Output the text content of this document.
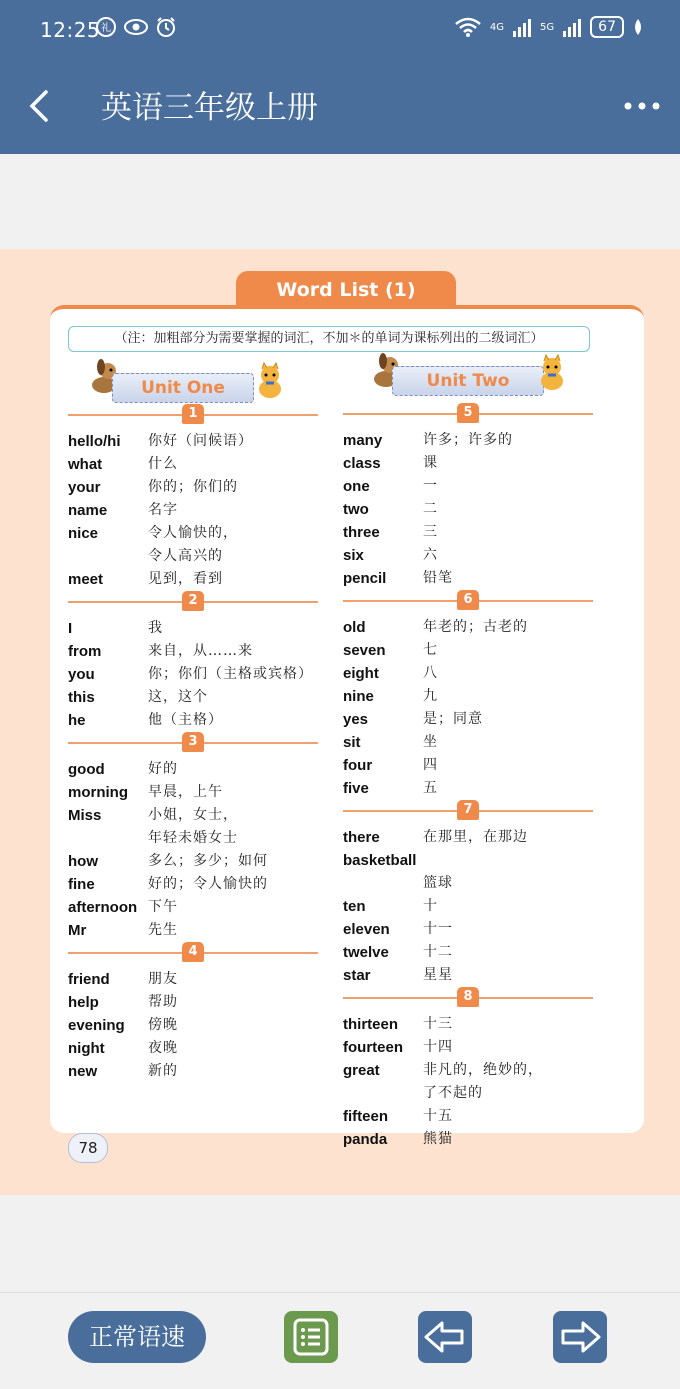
12:25 礼	4G	5G	67
英语三年级上册
Word List (1)
（注：加粗部分为需要掌握的词汇，不加＊的单词为课标列出的二级词汇）
Unit One	Unit Two
1
hello/hi 你好（问候语）
what	什么
your	你的；你们的
name	名字
nice	令人愉快的，
令人高兴的
meet	见到，看到
2
I	我
from	来自，从……来
you	你；你们（主格或宾格）
this	这，这个
he	他（主格）
3
good	好的
morning 早晨，上午
Miss	小姐，女士，
年轻未婚女士
how	多么；多少；如何
fine	好的；令人愉快的
afternoon 下午
Mr	先生
4
friend	朋友
help	帮助
evening 傍晚
night	夜晚
new	新的
5
many	许多；许多的
class	课
one	一
two	二
three	三
six	六
pencil	铅笔
6
old	年老的；古老的
seven	七
eight	八
nine	九
yes	是；同意
sit	坐
four	四
five	五
7
there	在那里，在那边
basketball
篮球
ten	十
eleven 十一
twelve 十二
star	星星
8
thirteen 十三
fourteen 十四
great	非凡的，绝妙的，
了不起的
fifteen	十五
panda	熊猫
78
正常语速
